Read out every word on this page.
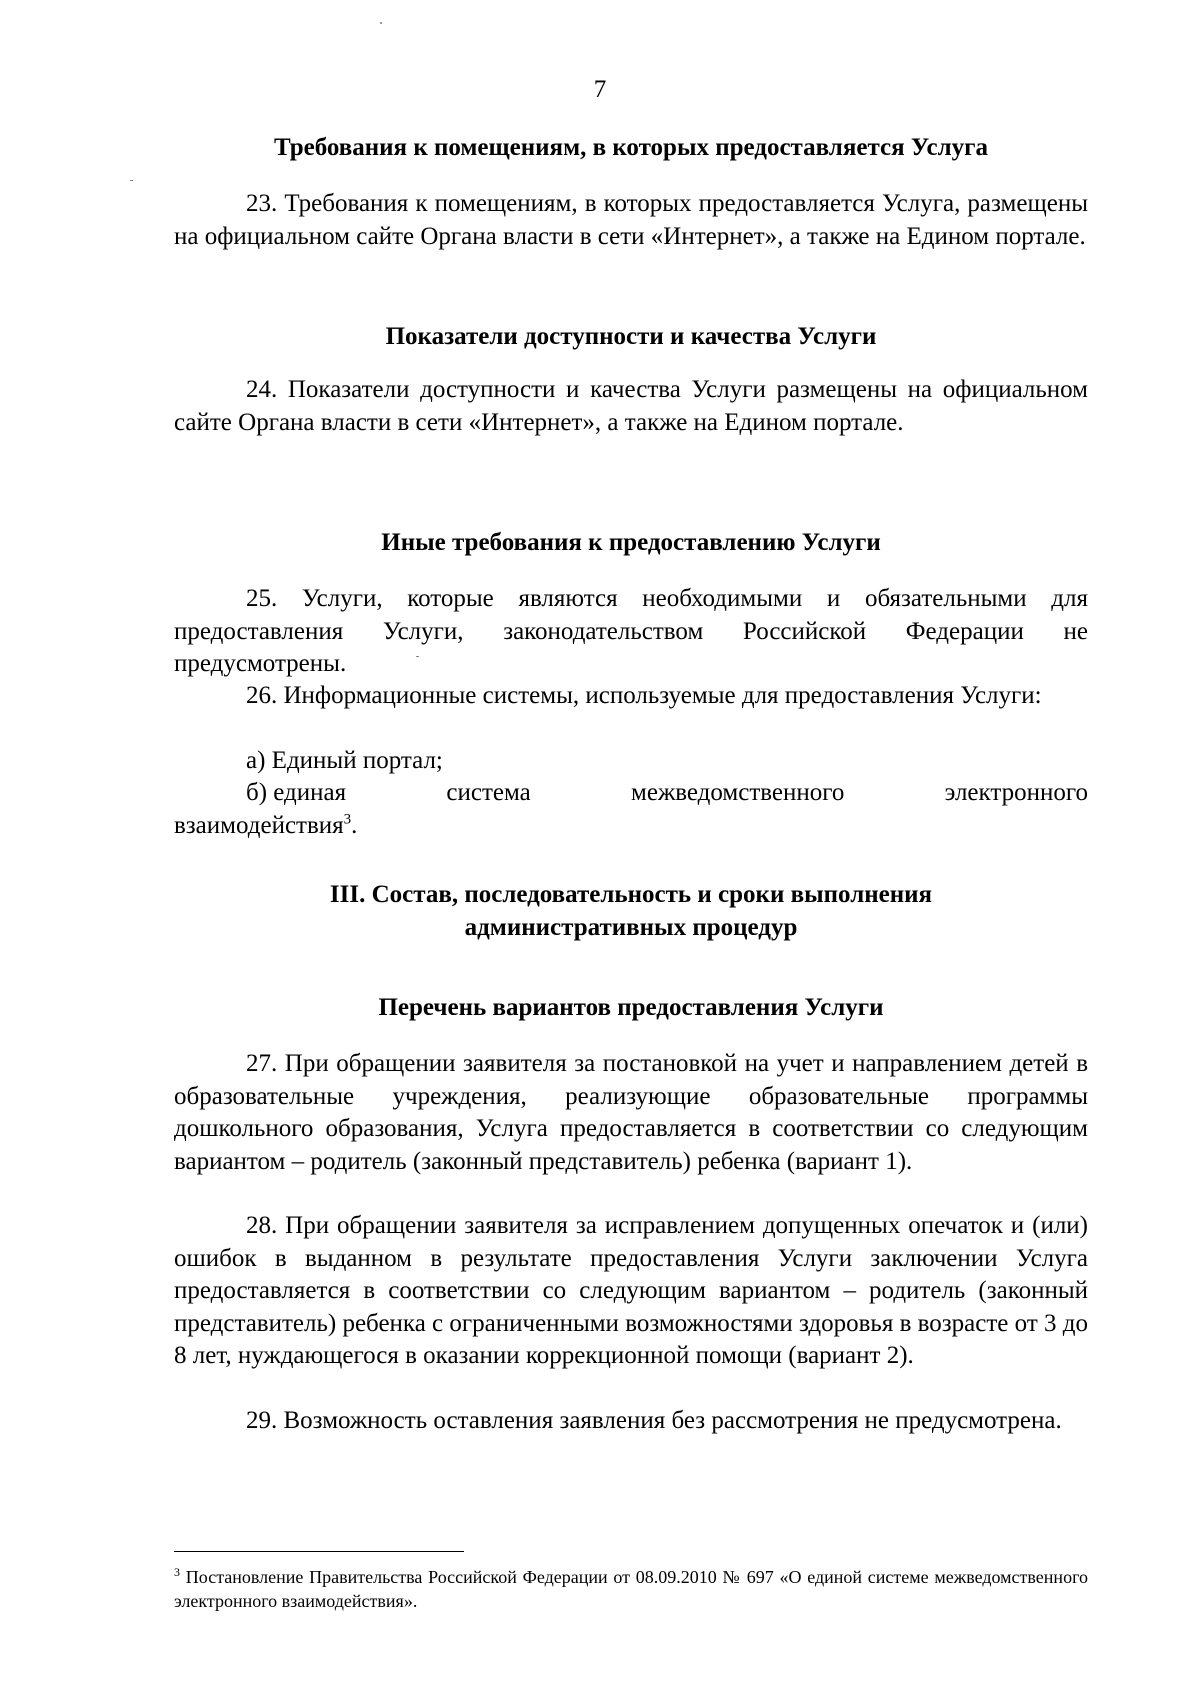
7
Требования к помещениям, в которых предоставляется Услуга

23. Требования к помещениям, в которых предоставляется Услуга, размещены на официальном сайте Органа власти в сети «Интернет», а также на Едином портале.

Показатели доступности и качества Услуги

24. Показатели доступности и качества Услуги размещены на официальном сайте Органа власти в сети «Интернет», а также на Едином портале.

Иные требования к предоставлению Услуги

25. Услуги, которые являются необходимыми и обязательными для предоставления Услуги, законодательством Российской Федерации не предусмотрены.

26. Информационные системы, используемые для предоставления Услуги:

а) Единый портал;
б) единая	система	межведомственного	электронного
взаимодействия$^3$.
III. Состав, последовательность и сроки выполнения
административных процедур
Перечень вариантов предоставления Услуги

27. При обращении заявителя за постановкой на учет и направлением детей в образовательные учреждения, реализующие образовательные программы дошкольного образования, Услуга предоставляется в соответствии со следующим вариантом – родитель (законный представитель) ребенка (вариант 1).

28. При обращении заявителя за исправлением допущенных опечаток и (или) ошибок в выданном в результате предоставления Услуги заключении Услуга предоставляется в соответствии со следующим вариантом – родитель (законный представитель) ребенка с ограниченными возможностями здоровья в возрасте от 3 до 8 лет, нуждающегося в оказании коррекционной помощи (вариант 2).

29. Возможность оставления заявления без рассмотрения не предусмотрена.

$^3$ Постановление Правительства Российской Федерации от 08.09.2010 № 697 «О единой системе межведомственного электронного взаимодействия».
